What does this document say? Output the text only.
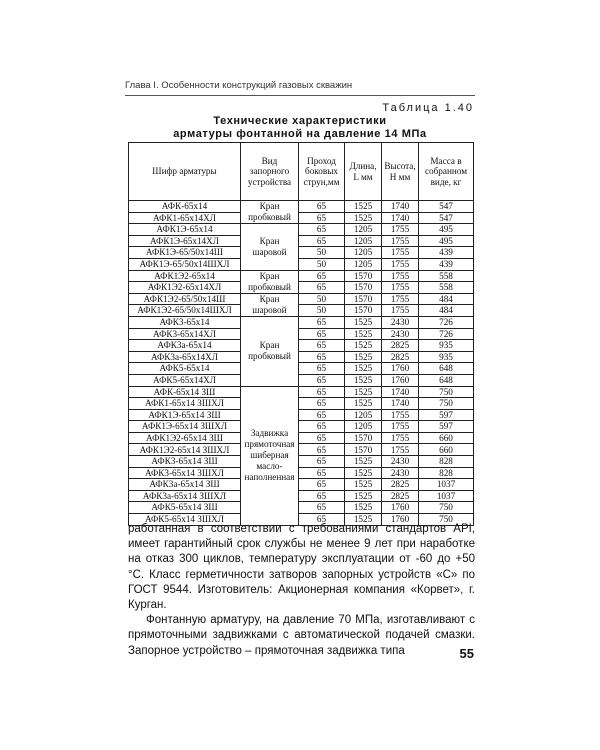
Глава I. Особенности конструкций газовых скважин
Таблица 1.40
Технические характеристики
арматуры фонтанной на давление 14 МПа
Шифр арматуры	Вид запорного устройства	Проход боковых струн,мм	Длина, L мм	Высота, Н мм	Масса в собранном виде, кг
АФК-65х14	Кран пробковый	65	1525	1740	547
АФК1-65х14ХЛ		65	1525	1740	547
АФК1Э-65х14	Кран шаровой	65	1205	1755	495
АФК1Э-65х14ХЛ		65	1205	1755	495
АФК1Э-65/50х14Ш		50	1205	1755	439
АФК1Э-65/50х14ШХЛ		50	1205	1755	439
АФК1Э2-65х14	Кран пробковый	65	1570	1755	558
АФК1Э2-65х14ХЛ		65	1570	1755	558
АФК1Э2-65/50х14Ш	Кран шаровой	50	1570	1755	484
АФК1Э2-65/50х14ШХЛ		50	1570	1755	484
АФК3-65х14	Кран пробковый	65	1525	2430	726
АФК3-65х14ХЛ		65	1525	2430	726
АФК3а-65х14		65	1525	2825	935
АФК3а-65х14ХЛ		65	1525	2825	935
АФК5-65х14		65	1525	1760	648
АФК5-65х14ХЛ		65	1525	1760	648
АФК-65х14 ЗШ	Задвижка прямоточная шиберная масло-наполненная	65	1525	1740	750
АФК1-65х14 ЗШХЛ		65	1525	1740	750
АФК1Э-65х14 ЗШ		65	1205	1755	597
АФК1Э-65х14 ЗШХЛ		65	1205	1755	597
АФК1Э2-65х14 ЗШ		65	1570	1755	660
АФК1Э2-65х14 ЗШХЛ		65	1570	1755	660
АФК3-65х14 ЗШ		65	1525	2430	828
АФК3-65х14 ЗШХЛ		65	1525	2430	828
АФК3а-65х14 ЗШ		65	1525	2825	1037
АФК3а-65х14 ЗШХЛ		65	1525	2825	1037
АФК5-65х14 ЗШ		65	1525	1760	750
АФК5-65х14 ЗШХЛ		65	1525	1760	750

работанная в соответствии с требованиями стандартов API, имеет гарантийный срок службы не менее 9 лет при наработке на отказ 300 циклов, температуру эксплуатации от -60 до +50 °С. Класс герметичности затворов запорных устройств «С» по ГОСТ 9544. Изготовитель: Акционерная компания «Корвет», г. Курган.

Фонтанную арматуру, на давление 70 МПа, изготавливают с прямоточными задвижками с автоматической подачей смазки. Запорное устройство – прямоточная задвижка типа	55
